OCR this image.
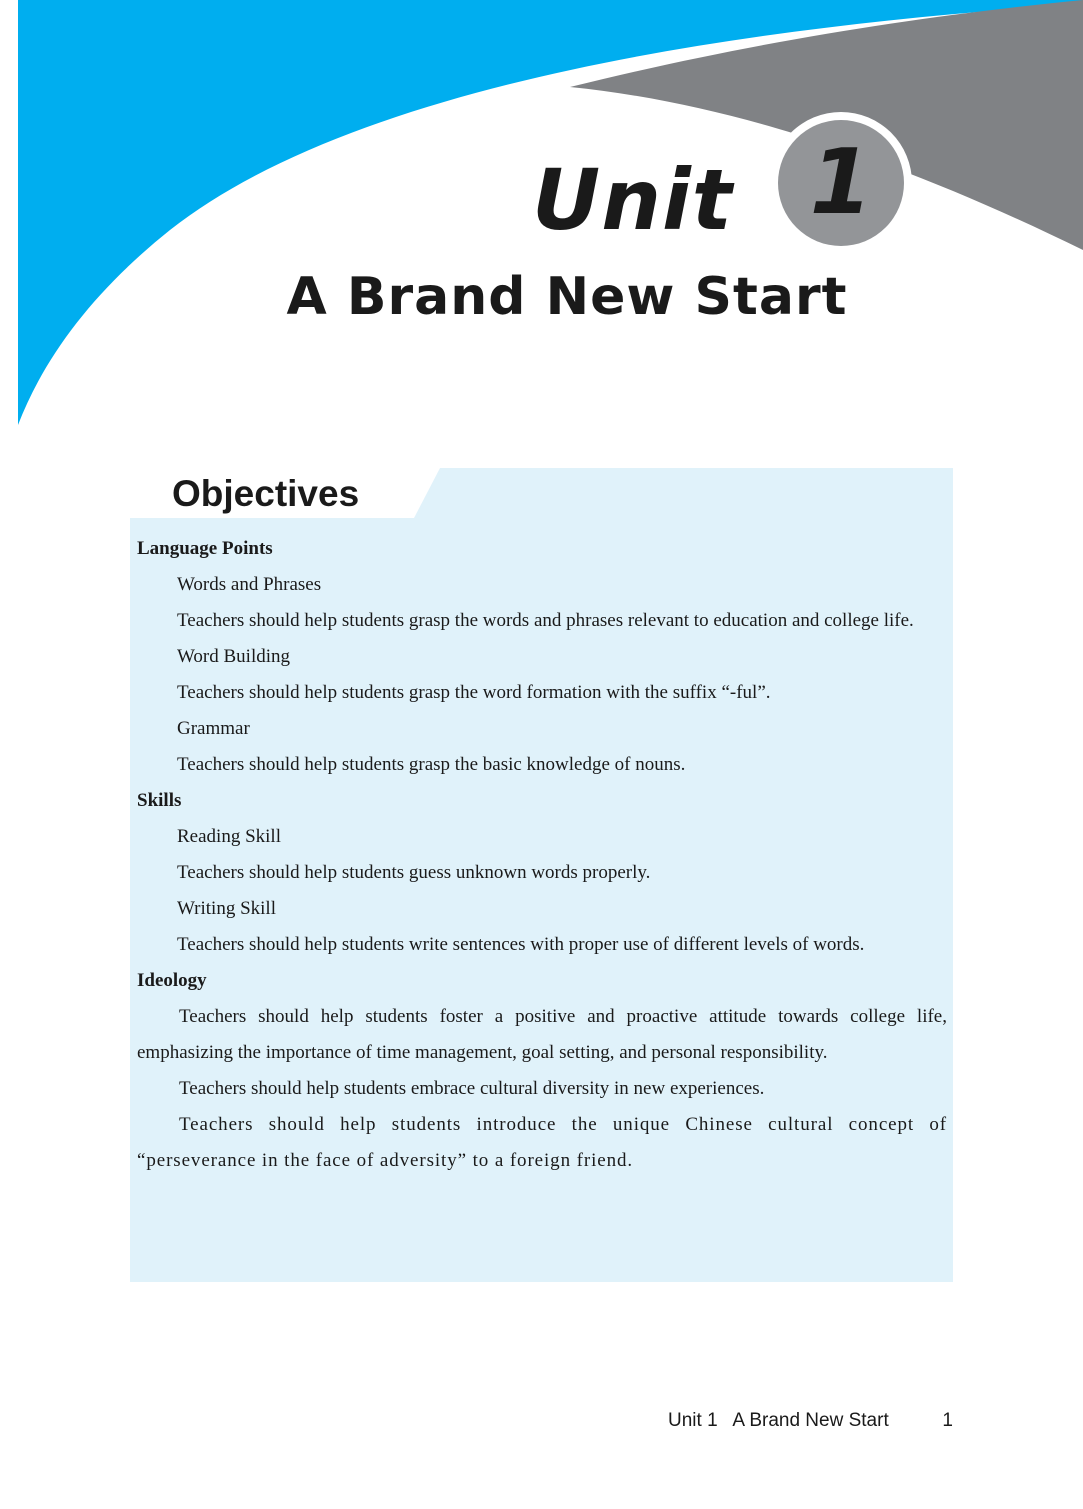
Unit 1
A Brand New Start
Objectives

Language Points

Words and Phrases

Teachers should help students grasp the words and phrases relevant to education and college life.

Word Building

Teachers should help students grasp the word formation with the suffix “-ful”.

Grammar

Teachers should help students grasp the basic knowledge of nouns.

Skills

Reading Skill

Teachers should help students guess unknown words properly.

Writing Skill

Teachers should help students write sentences with proper use of different levels of words.

Ideology

Teachers should help students foster a positive and proactive attitude towards college life, emphasizing the importance of time management, goal setting, and personal responsibility.

Teachers should help students embrace cultural diversity in new experiences.

Teachers should help students introduce the unique Chinese cultural concept of “perseverance in the face of adversity” to a foreign friend.

Unit 1   A Brand New Start	1
